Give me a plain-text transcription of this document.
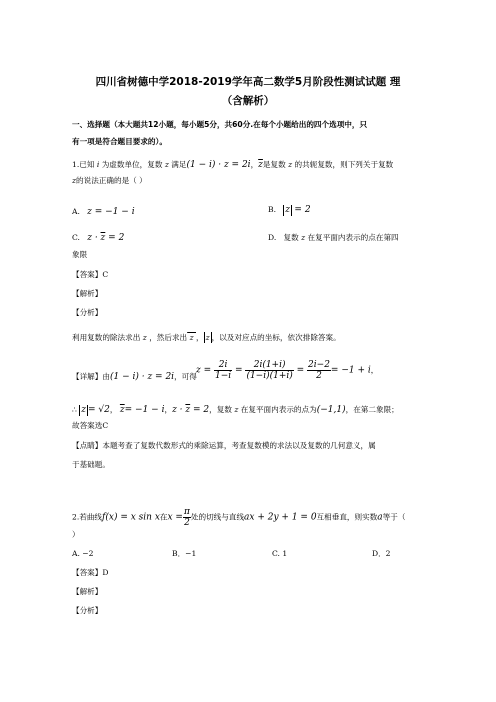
四川省树德中学2018-2019学年高二数学5月阶段性测试试题 理
（含解析）
一、选择题（本大题共12小题，每小题5分，共60分.在每个小题给出的四个选项中，只
有一项是符合题目要求的）。
1.已知 i 为虚数单位，复数 z 满足(1 − i) · z = 2i，$\overline{z}$是复数 z 的共轭复数，则下列关于复数
z的说法正确的是（ ）
A. z = −1 − i	B. z = 2
C. $z \cdot \overline{z} = 2$	D. 复数 z 在复平面内表示的点在第四
象限
【答案】C
【解析】
【分析】
利用复数的除法求出 z ，然后求出 z ， z ，以及对应点的坐标，依次排除答案。
【详解】由(1 − i) · z = 2i，可得
$z = \frac{2i}{1-i} = \frac{2i(1+i)}{(1-i)(1+i)} = \frac{2i-2}{2} = -1 + i$，
∴ z = √2， $\overline{z}= -1 - i$，$z \cdot \overline{z} = 2$，复数 z 在复平面内表示的点为(−1,1)，在第二象限；
故答案选C
【点睛】本题考查了复数代数形式的乘除运算，考查复数模的求法以及复数的几何意义，属
于基础题。
2.若曲线f(x) = x sin x在$x = \frac{\pi}{2}$ 处的切线与直线ax + 2y + 1 = 0互相垂直，则实数a等于（
）
A. −2	B．−1	C. 1	D．2
【答案】D
【解析】
【分析】
